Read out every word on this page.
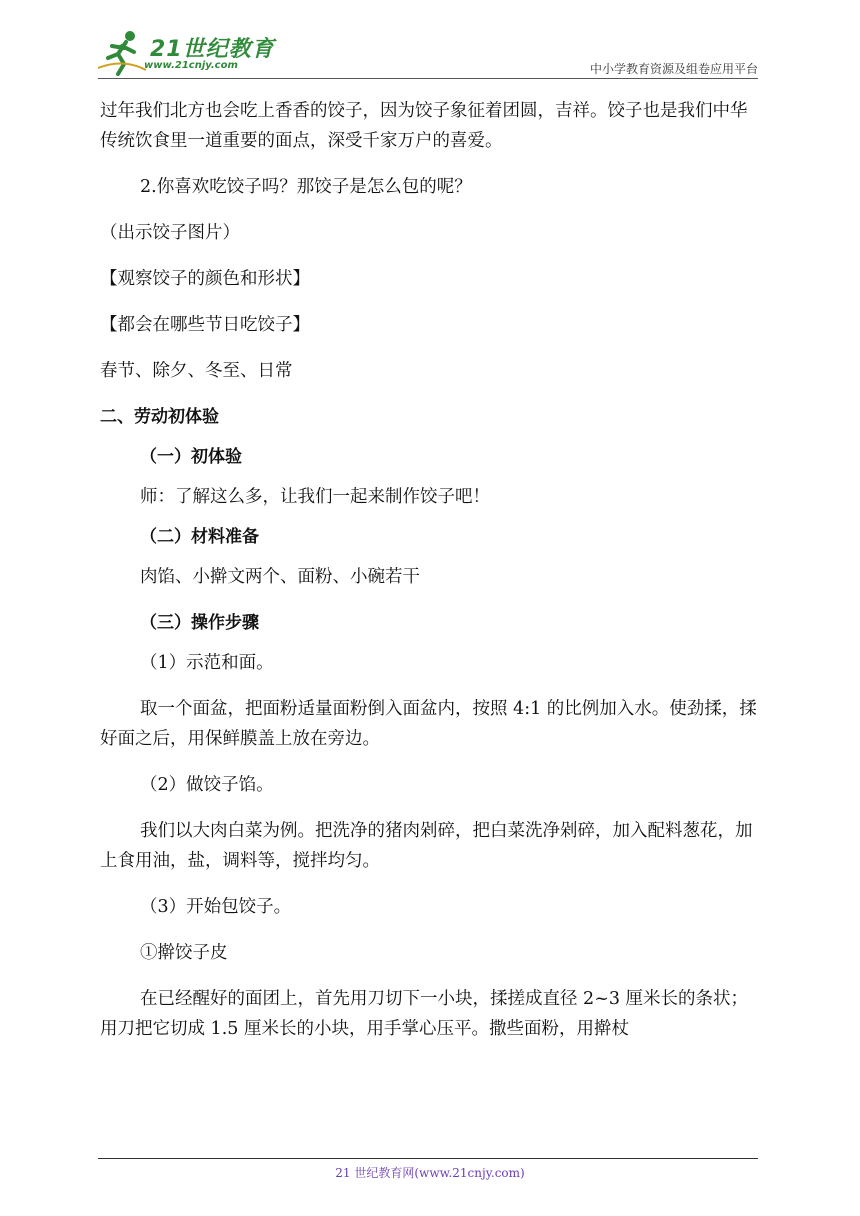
21世纪教育
www.21cnjy.com	中小学教育资源及组卷应用平台

过年我们北方也会吃上香香的饺子，因为饺子象征着团圆，吉祥。饺子也是我们中华传统饮食里一道重要的面点，深受千家万户的喜爱。

2.你喜欢吃饺子吗？那饺子是怎么包的呢？

（出示饺子图片）

【观察饺子的颜色和形状】

【都会在哪些节日吃饺子】

春节、除夕、冬至、日常

二、劳动初体验

（一）初体验

师：了解这么多，让我们一起来制作饺子吧！

（二）材料准备

肉馅、小擀文两个、面粉、小碗若干

（三）操作步骤

（1）示范和面。

取一个面盆，把面粉适量面粉倒入面盆内，按照 4:1 的比例加入水。使劲揉，揉好面之后，用保鲜膜盖上放在旁边。

（2）做饺子馅。

我们以大肉白菜为例。把洗净的猪肉剁碎，把白菜洗净剁碎，加入配料葱花，加上食用油，盐，调料等，搅拌均匀。

（3）开始包饺子。

①擀饺子皮

在已经醒好的面团上，首先用刀切下一小块，揉搓成直径 2~3 厘米长的条状；用刀把它切成 1.5 厘米长的小块，用手掌心压平。撒些面粉，用擀杖

21 世纪教育网(www.21cnjy.com)
